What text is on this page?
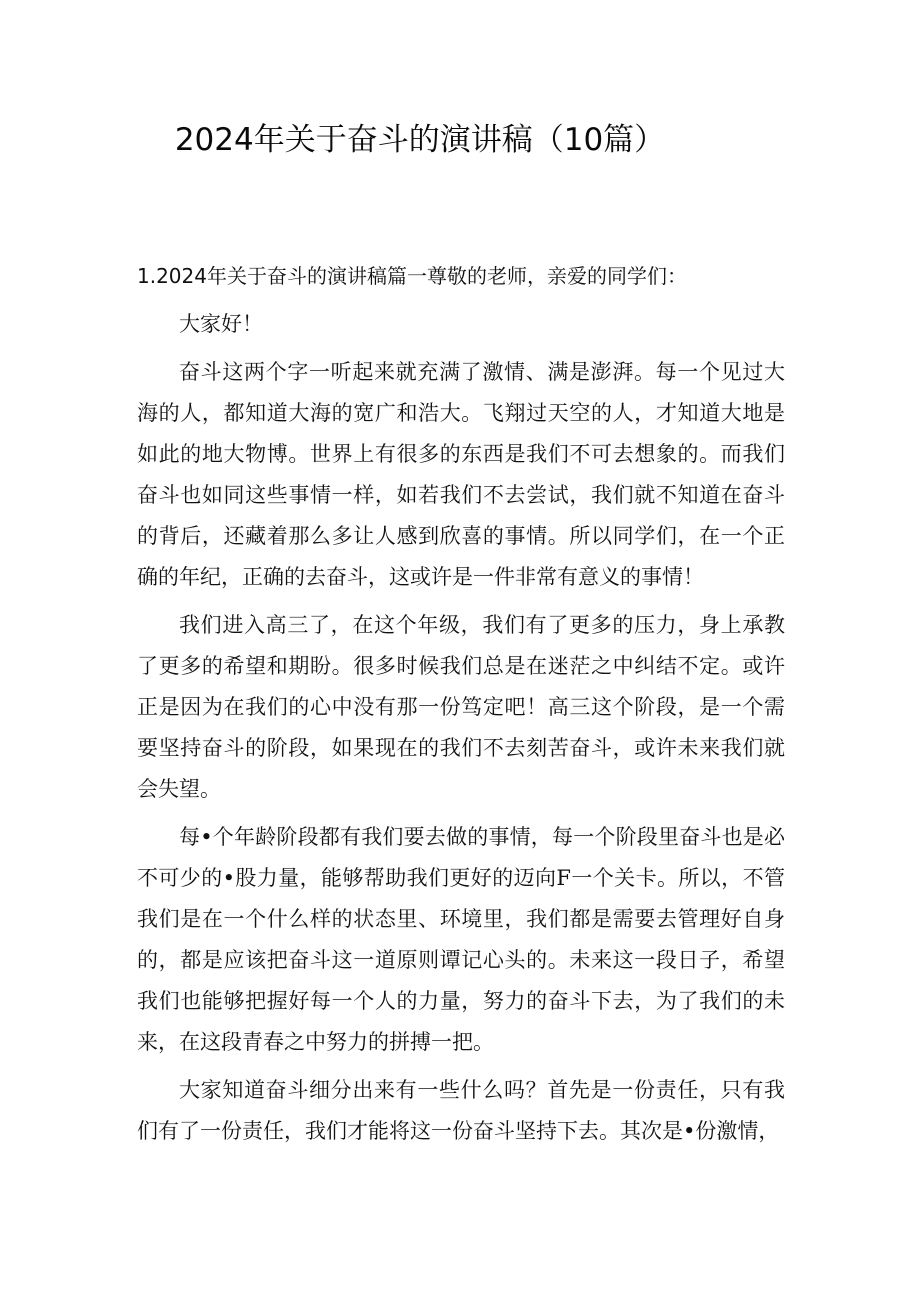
2024年关于奋斗的演讲稿（10篇）

1.2024年关于奋斗的演讲稿篇一尊敬的老师，亲爱的同学们：

大家好！

奋斗这两个字一听起来就充满了激情、满是澎湃。每一个见过大海的人，都知道大海的宽广和浩大。飞翔过天空的人，才知道大地是如此的地大物博。世界上有很多的东西是我们不可去想象的。而我们奋斗也如同这些事情一样，如若我们不去尝试，我们就不知道在奋斗的背后，还藏着那么多让人感到欣喜的事情。所以同学们，在一个正确的年纪，正确的去奋斗，这或许是一件非常有意义的事情！

我们进入高三了，在这个年级，我们有了更多的压力，身上承教了更多的希望和期盼。很多时候我们总是在迷茫之中纠结不定。或许正是因为在我们的心中没有那一份笃定吧！高三这个阶段，是一个需要坚持奋斗的阶段，如果现在的我们不去刻苦奋斗，或许未来我们就会失望。

每•个年龄阶段都有我们要去做的事情，每一个阶段里奋斗也是必不可少的•股力量，能够帮助我们更好的迈向F一个关卡。所以，不管我们是在一个什么样的状态里、环境里，我们都是需要去管理好自身的，都是应该把奋斗这一道原则谭记心头的。未来这一段日子，希望我们也能够把握好每一个人的力量，努力的奋斗下去，为了我们的未来，在这段青春之中努力的拼搏一把。

大家知道奋斗细分出来有一些什么吗？首先是一份责任，只有我们有了一份责任，我们才能将这一份奋斗坚持下去。其次是•份激情，
